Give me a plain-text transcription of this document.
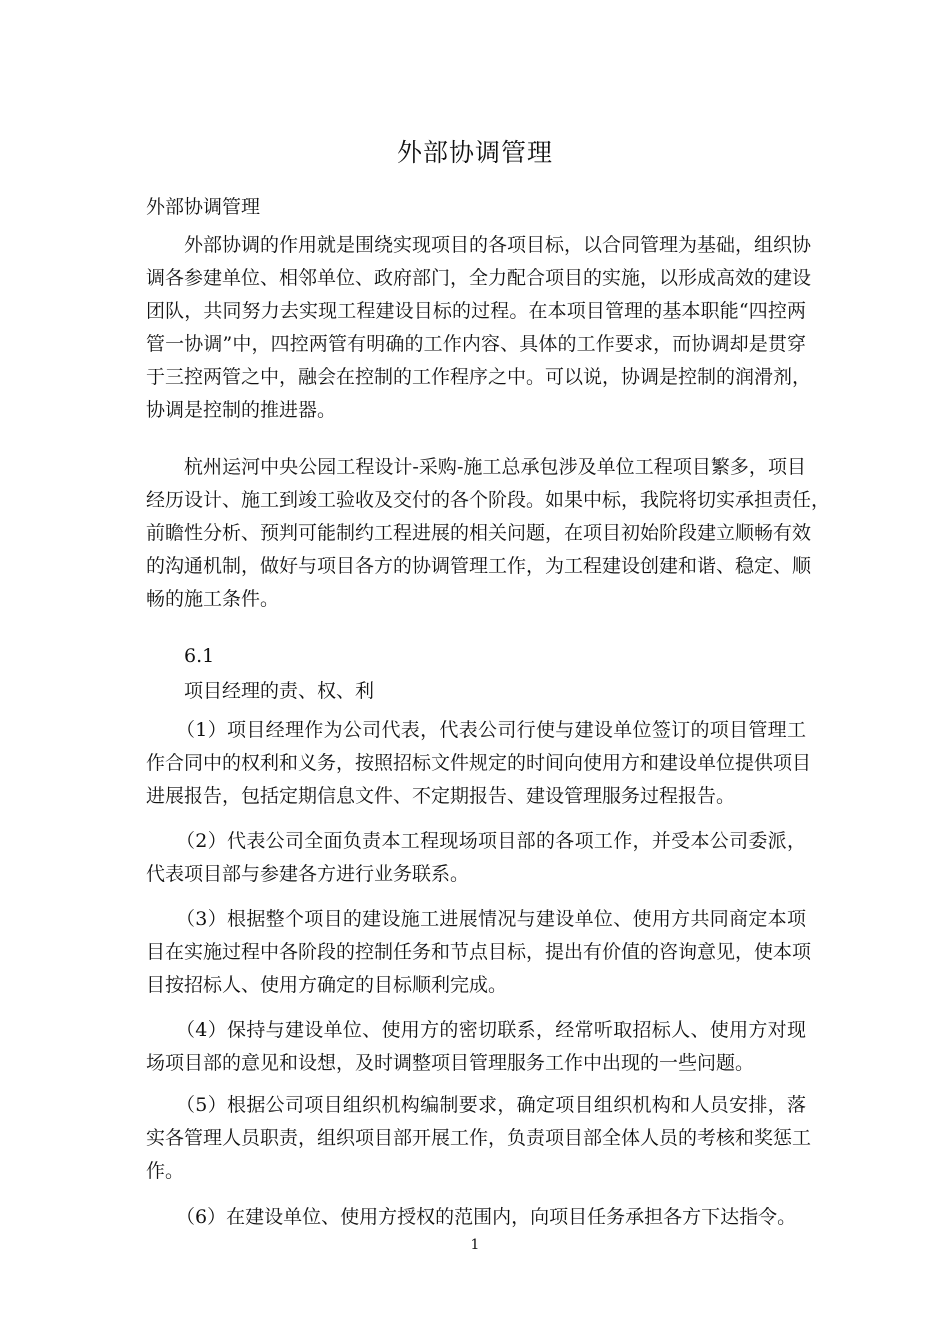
外部协调管理
外部协调管理
外部协调的作用就是围绕实现项目的各项目标，以合同管理为基础，组织协
调各参建单位、相邻单位、政府部门，全力配合项目的实施，以形成高效的建设
团队，共同努力去实现工程建设目标的过程。在本项目管理的基本职能“四控两
管一协调”中，四控两管有明确的工作内容、具体的工作要求，而协调却是贯穿
于三控两管之中，融会在控制的工作程序之中。可以说，协调是控制的润滑剂，
协调是控制的推进器。
杭州运河中央公园工程设计-采购-施工总承包涉及单位工程项目繁多，项目
经历设计、施工到竣工验收及交付的各个阶段。如果中标，我院将切实承担责任，
前瞻性分析、预判可能制约工程进展的相关问题，在项目初始阶段建立顺畅有效
的沟通机制，做好与项目各方的协调管理工作，为工程建设创建和谐、稳定、顺
畅的施工条件。
6.1
项目经理的责、权、利
（1）项目经理作为公司代表，代表公司行使与建设单位签订的项目管理工
作合同中的权利和义务，按照招标文件规定的时间向使用方和建设单位提供项目
进展报告，包括定期信息文件、不定期报告、建设管理服务过程报告。
（2）代表公司全面负责本工程现场项目部的各项工作，并受本公司委派，
代表项目部与参建各方进行业务联系。
（3）根据整个项目的建设施工进展情况与建设单位、使用方共同商定本项
目在实施过程中各阶段的控制任务和节点目标，提出有价值的咨询意见，使本项
目按招标人、使用方确定的目标顺利完成。
（4）保持与建设单位、使用方的密切联系，经常听取招标人、使用方对现
场项目部的意见和设想，及时调整项目管理服务工作中出现的一些问题。
（5）根据公司项目组织机构编制要求，确定项目组织机构和人员安排，落
实各管理人员职责，组织项目部开展工作，负责项目部全体人员的考核和奖惩工
作。
（6）在建设单位、使用方授权的范围内，向项目任务承担各方下达指令。
1
